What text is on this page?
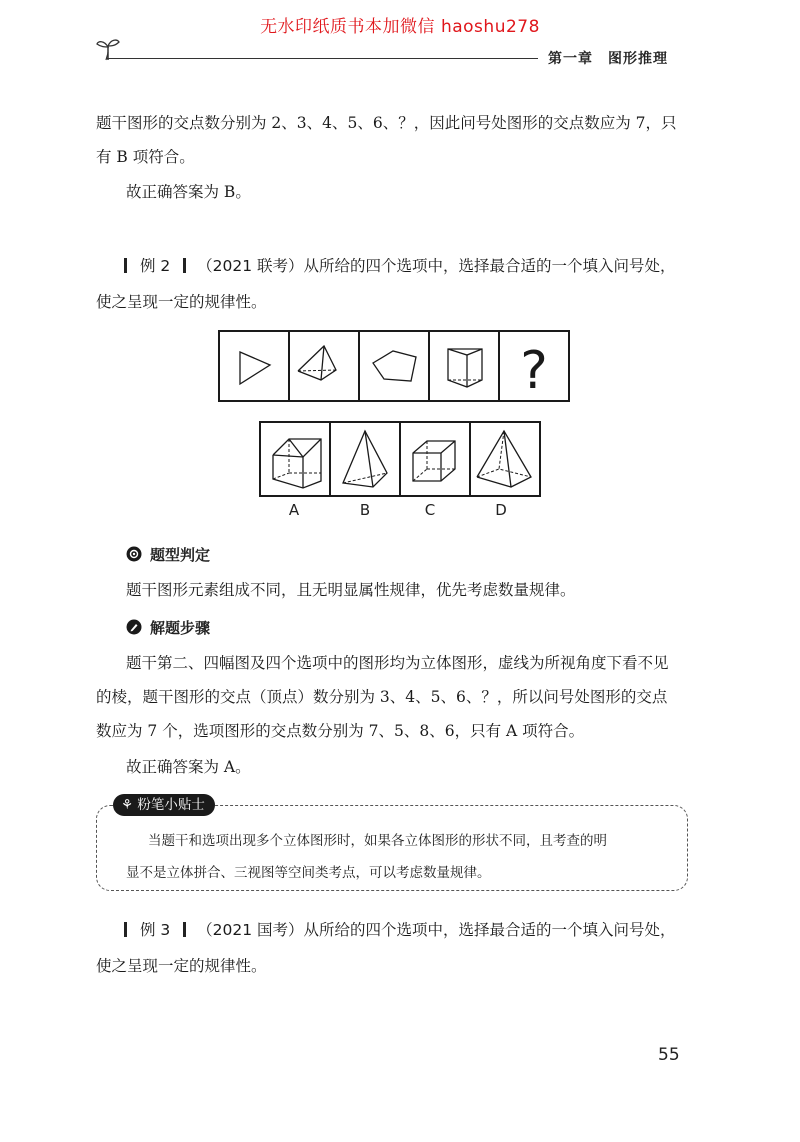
无水印纸质书本加微信 haoshu278
第一章　图形推理
题干图形的交点数分别为 2、3、4、5、6、？，因此问号处图形的交点数应为 7，只
有 B 项符合。
故正确答案为 B。
例 2 （2021 联考）从所给的四个选项中，选择最合适的一个填入问号处，
使之呈现一定的规律性。
?
A	B	C	D
题型判定
题干图形元素组成不同，且无明显属性规律，优先考虑数量规律。
解题步骤
题干第二、四幅图及四个选项中的图形均为立体图形，虚线为所视角度下看不见
的棱，题干图形的交点（顶点）数分别为 3、4、5、6、？，所以问号处图形的交点
数应为 7 个，选项图形的交点数分别为 7、5、8、6，只有 A 项符合。
故正确答案为 A。
⚘ 粉笔小贴士
当题干和选项出现多个立体图形时，如果各立体图形的形状不同，且考查的明
显不是立体拼合、三视图等空间类考点，可以考虑数量规律。
例 3 （2021 国考）从所给的四个选项中，选择最合适的一个填入问号处，
使之呈现一定的规律性。
55
